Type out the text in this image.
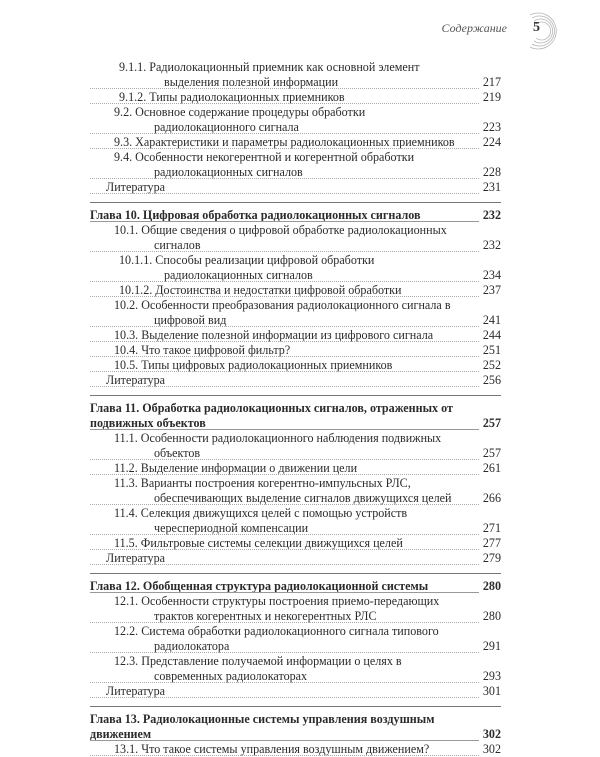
Содержание 5
9.1.1. Радиолокационный приемник как основной элемент выделения полезной информации	217
9.1.2. Типы радиолокационных приемников	219
9.2. Основное содержание процедуры обработки радиолокационного сигнала	223
9.3. Характеристики и параметры радиолокационных приемников	224
9.4. Особенности некогерентной и когерентной обработки радиолокационных сигналов	228
Литература	231
Глава 10. Цифровая обработка радиолокационных сигналов	232
10.1. Общие сведения о цифровой обработке радиолокационных сигналов	232
10.1.1. Способы реализации цифровой обработки радиолокационных сигналов	234
10.1.2. Достоинства и недостатки цифровой обработки	237
10.2. Особенности преобразования радиолокационного сигнала в цифровой вид	241
10.3. Выделение полезной информации из цифрового сигнала	244
10.4. Что такое цифровой фильтр?	251
10.5. Типы цифровых радиолокационных приемников	252
Литература	256
Глава 11. Обработка радиолокационных сигналов, отраженных от подвижных объектов	257
11.1. Особенности радиолокационного наблюдения подвижных объектов	257
11.2. Выделение информации о движении цели	261
11.3. Варианты построения когерентно-импульсных РЛС, обеспечивающих выделение сигналов движущихся целей	266
11.4. Селекция движущихся целей с помощью устройств череспериодной компенсации	271
11.5. Фильтровые системы селекции движущихся целей	277
Литература	279
Глава 12. Обобщенная структура радиолокационной системы	280
12.1. Особенности структуры построения приемо-передающих трактов когерентных и некогерентных РЛС	280
12.2. Система обработки радиолокационного сигнала типового радиолокатора	291
12.3. Представление получаемой информации о целях в современных радиолокаторах	293
Литература	301
Глава 13. Радиолокационные системы управления воздушным движением	302
13.1. Что такое системы управления воздушным движением?	302
